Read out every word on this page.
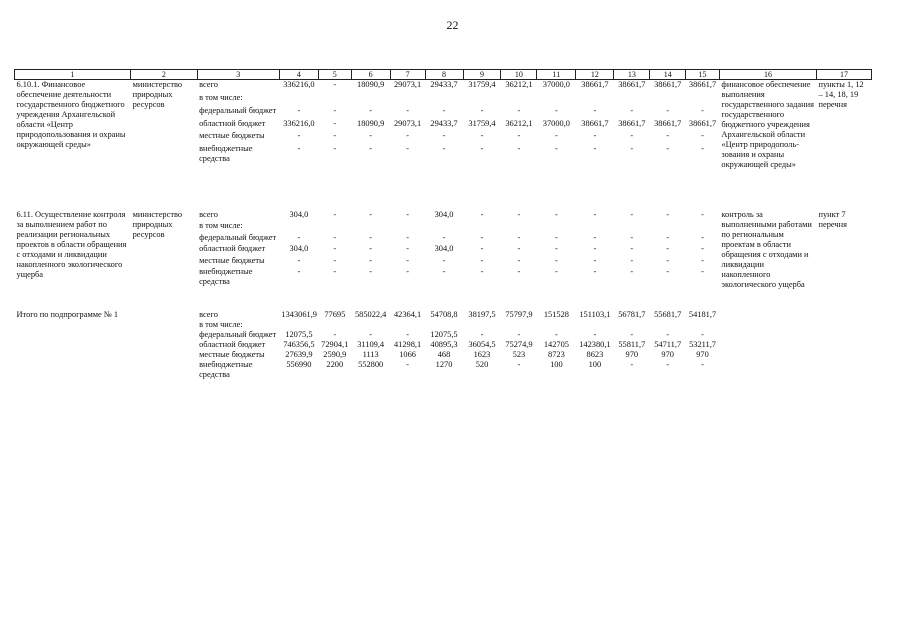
22
1	2	3	4	5	6	7	8	9	10	11	12	13	14	15	16	17
6.10.1. Финансовое обеспечение деятельности государственного бюджетного учреждения Архангельской области «Центр природопользования и охраны окружающей среды»	министерство природных ресурсов	всего	336216,0	-	18090,9	29073,1	29433,7	31759,4	36212,1	37000,0	38661,7	38661,7	38661,7	38661,7	финансовое обеспечение выполнения государственного задания государственного бюджетного учреждения Архангельской области «Центр природополь- зования и охраны окружающей среды»	пункты 1, 12 – 14, 18, 19 перечня
		в том числе:														
		федеральный бюджет	-	-	-	-	-	-	-	-	-	-	-	-		
		областной бюджет	336216,0	-	18090,9	29073,1	29433,7	31759,4	36212,1	37000,0	38661,7	38661,7	38661,7	38661,7		
		местные бюджеты	-	-	-	-	-	-	-	-	-	-	-	-		
		внебюджетные средства	-	-	-	-	-	-	-	-	-	-	-	-		

6.11. Осуществление контроля за выполнением работ по реализации региональных проектов в области обращения с отходами и ликвидации накопленного экологического ущерба	министерство природных ресурсов	всего	304,0	-	-	-	304,0	-	-	-	-	-	-	-	контроль за выполненными работами по региональным проектам в области обращения с отходами и ликвидации накопленного экологического ущерба	пункт 7 перечня
		в том числе:														
		федеральный бюджет	-	-	-	-	-	-	-	-	-	-	-	-		
		областной бюджет	304,0	-	-	-	304,0	-	-	-	-	-	-	-		
		местные бюджеты	-	-	-	-	-	-	-	-	-	-	-	-		
		внебюджетные средства	-	-	-	-	-	-	-	-	-	-	-	-		

Итого по подпрограмме № 1		всего	1343061,9	77695	585022,4	42364,1	54708,8	38197,5	75797,9	151528	151103,1	56781,7	55681,7	54181,7		
		в том числе:														
		федеральный бюджет	12075,5	-	-	-	12075,5	-	-	-	-	-	-	-		
		областной бюджет	746356,5	72904,1	31109,4	41298,1	40895,3	36054,5	75274,9	142705	142380,1	55811,7	54711,7	53211,7		
		местные бюджеты	27639,9	2590,9	1113	1066	468	1623	523	8723	8623	970	970	970		
		внебюджетные средства	556990	2200	552800	-	1270	520	-	100	100	-	-	-		
